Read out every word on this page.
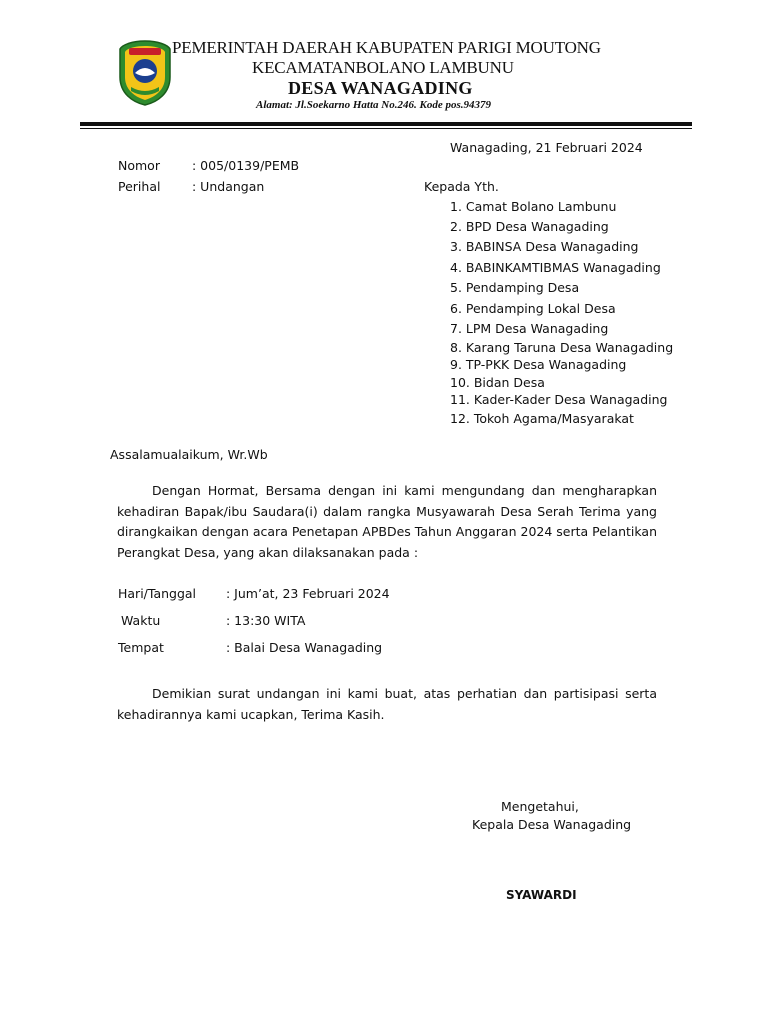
PEMERINTAH DAERAH KABUPATEN PARIGI MOUTONG
KECAMATANBOLANO LAMBUNU
DESA WANAGADING
Alamat: Jl.Soekarno Hatta No.246. Kode pos.94379
Wanagading, 21 Februari 2024
Nomor	: 005/0139/PEMB
Perihal	: Undangan	Kepada Yth.
1. Camat Bolano Lambunu
2. BPD Desa Wanagading
3. BABINSA Desa Wanagading
4. BABINKAMTIBMAS Wanagading
5. Pendamping Desa
6. Pendamping Lokal Desa
7. LPM Desa Wanagading
8. Karang Taruna Desa Wanagading
9. TP-PKK Desa Wanagading
10. Bidan Desa
11. Kader-Kader Desa Wanagading
12. Tokoh Agama/Masyarakat
Assalamualaikum, Wr.Wb
Dengan Hormat, Bersama dengan ini kami mengundang dan mengharapkan kehadiran Bapak/ibu Saudara(i) dalam rangka Musyawarah Desa Serah Terima yang dirangkaikan dengan acara Penetapan APBDes Tahun Anggaran 2024 serta Pelantikan Perangkat Desa, yang akan dilaksanakan pada :
Hari/Tanggal : Jum’at, 23 Februari 2024
Waktu	: 13:30 WITA
Tempat	: Balai Desa Wanagading
Demikian surat undangan ini kami buat, atas perhatian dan partisipasi serta kehadirannya kami ucapkan, Terima Kasih.
Mengetahui,
Kepala Desa Wanagading
SYAWARDI
